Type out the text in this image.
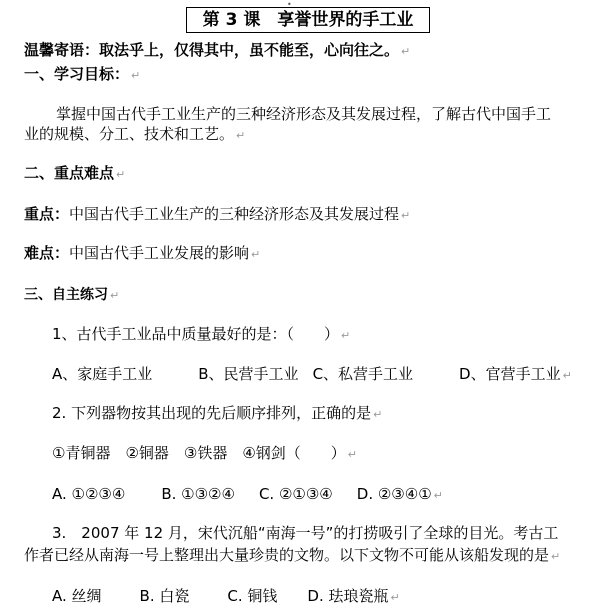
•
第 3 课　享誉世界的手工业
温馨寄语：取法乎上，仅得其中，虽不能至，心向往之。 ↵
一、学习目标： ↵
掌握中国古代手工业生产的三种经济形态及其发展过程，了解古代中国手工
业的规模、分工、技术和工艺。 ↵
二、重点难点 ↵
重点：中国古代手工业生产的三种经济形态及其发展过程 ↵
难点：中国古代手工业发展的影响 ↵
三、自主练习 ↵
1、古代手工业品中质量最好的是：（　　） ↵
A、家庭手工业	B、民营手工业 C、私营手工业	D、官营手工业 ↵
2. 下列器物按其出现的先后顺序排列，正确的是 ↵
①青铜器　②铜器　③铁器　④钢剑（　　） ↵
A. ①②③④ B. ①③②④ C. ②①③④ D. ②③④① ↵
3.　2007 年 12 月，宋代沉船“南海一号”的打捞吸引了全球的目光。考古工
作者已经从南海一号上整理出大量珍贵的文物。以下文物不可能从该船发现的是 ↵
A. 丝绸	B. 白瓷	C. 铜钱 D. 珐琅瓷瓶 ↵
